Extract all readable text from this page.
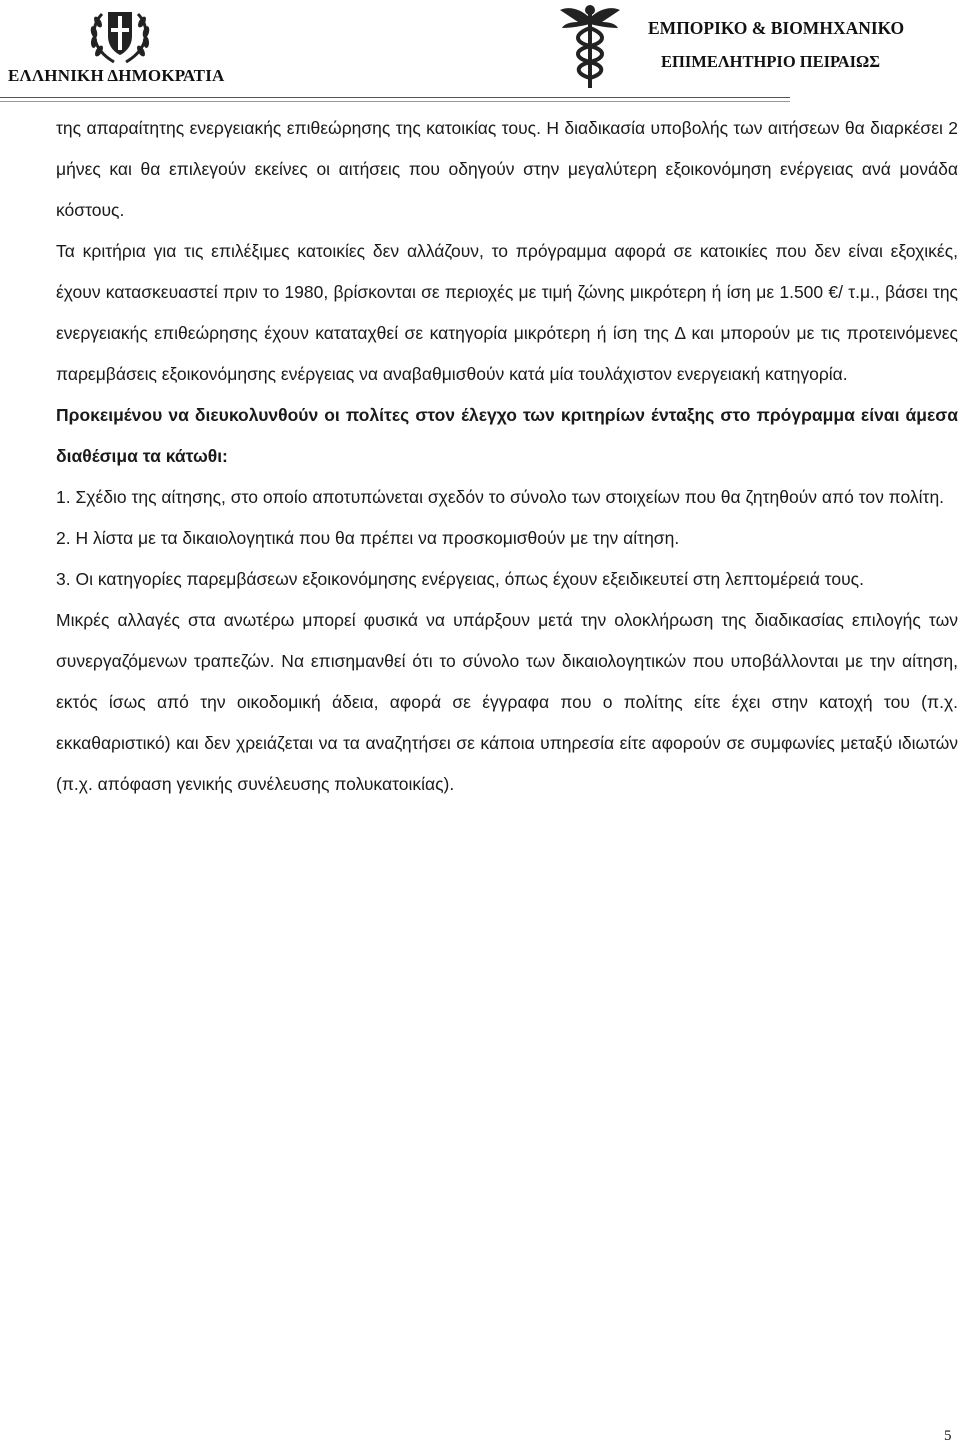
ΕΛΛΗΝΙΚΗ ΔΗΜΟΚΡΑΤΙΑ
ΕΜΠΟΡΙΚΟ & ΒΙΟΜΗΧΑΝΙΚΟ
ΕΠΙΜΕΛΗΤΗΡΙΟ ΠΕΙΡΑΙΩΣ

της απαραίτητης ενεργειακής επιθεώρησης της κατοικίας τους. Η διαδικασία υποβολής των αιτήσεων θα διαρκέσει 2 μήνες και θα επιλεγούν εκείνες οι αιτήσεις που οδηγούν στην μεγαλύτερη εξοικονόμηση ενέργειας ανά μονάδα κόστους.

Τα κριτήρια για τις επιλέξιμες κατοικίες δεν αλλάζουν, το πρόγραμμα αφορά σε κατοικίες που δεν είναι εξοχικές, έχουν κατασκευαστεί πριν το 1980, βρίσκονται σε περιοχές με τιμή ζώνης μικρότερη ή ίση με 1.500 €/ τ.μ., βάσει της ενεργειακής επιθεώρησης έχουν καταταχθεί σε κατηγορία μικρότερη ή ίση της Δ και μπορούν με τις προτεινόμενες παρεμβάσεις εξοικονόμησης ενέργειας να αναβαθμισθούν κατά μία τουλάχιστον ενεργειακή κατηγορία.

Προκειμένου να διευκολυνθούν οι πολίτες στον έλεγχο των κριτηρίων ένταξης στο πρόγραμμα είναι άμεσα διαθέσιμα τα κάτωθι:

1. Σχέδιο της αίτησης, στο οποίο αποτυπώνεται σχεδόν το σύνολο των στοιχείων που θα ζητηθούν από τον πολίτη.

2. Η λίστα με τα δικαιολογητικά που θα πρέπει να προσκομισθούν με την αίτηση.

3. Οι κατηγορίες παρεμβάσεων εξοικονόμησης ενέργειας, όπως έχουν εξειδικευτεί στη λεπτομέρειά τους.

Μικρές αλλαγές στα ανωτέρω μπορεί φυσικά να υπάρξουν μετά την ολοκλήρωση της διαδικασίας επιλογής των συνεργαζόμενων τραπεζών. Να επισημανθεί ότι το σύνολο των δικαιολογητικών που υποβάλλονται με την αίτηση, εκτός ίσως από την οικοδομική άδεια, αφορά σε έγγραφα που ο πολίτης είτε έχει στην κατοχή του (π.χ. εκκαθαριστικό) και δεν χρειάζεται να τα αναζητήσει σε κάποια υπηρεσία είτε αφορούν σε συμφωνίες μεταξύ ιδιωτών (π.χ. απόφαση γενικής συνέλευσης πολυκατοικίας).

5
